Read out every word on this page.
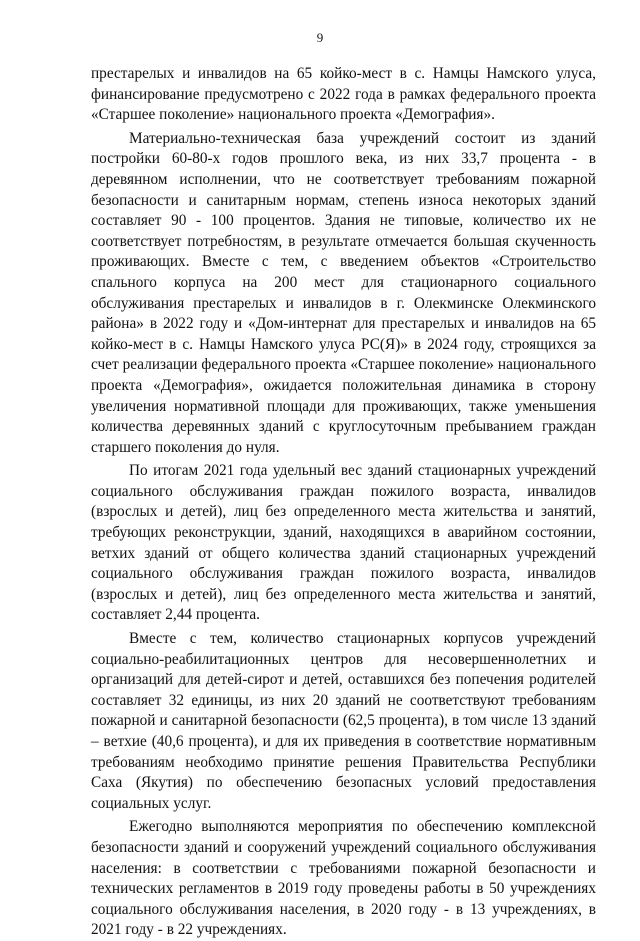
9

престарелых и инвалидов на 65 койко-мест в с. Намцы Намского улуса, финансирование предусмотрено с 2022 года в рамках федерального проекта «Старшее поколение» национального проекта «Демография».

Материально-техническая база учреждений состоит из зданий постройки 60-80-х годов прошлого века, из них 33,7 процента - в деревянном исполнении, что не соответствует требованиям пожарной безопасности и санитарным нормам, степень износа некоторых зданий составляет 90 - 100 процентов. Здания не типовые, количество их не соответствует потребностям, в результате отмечается большая скученность проживающих. Вместе с тем, с введением объектов «Строительство спального корпуса на 200 мест для стационарного социального обслуживания престарелых и инвалидов в г. Олекминске Олекминского района» в 2022 году и «Дом-интернат для престарелых и инвалидов на 65 койко-мест в с. Намцы Намского улуса РС(Я)» в 2024 году, строящихся за счет реализации федерального проекта «Старшее поколение» национального проекта «Демография», ожидается положительная динамика в сторону увеличения нормативной площади для проживающих, также уменьшения количества деревянных зданий с круглосуточным пребыванием граждан старшего поколения до нуля.

По итогам 2021 года удельный вес зданий стационарных учреждений социального обслуживания граждан пожилого возраста, инвалидов (взрослых и детей), лиц без определенного места жительства и занятий, требующих реконструкции, зданий, находящихся в аварийном состоянии, ветхих зданий от общего количества зданий стационарных учреждений социального обслуживания граждан пожилого возраста, инвалидов (взрослых и детей), лиц без определенного места жительства и занятий, составляет 2,44 процента.

Вместе с тем, количество стационарных корпусов учреждений социально-реабилитационных центров для несовершеннолетних и организаций для детей-сирот и детей, оставшихся без попечения родителей составляет 32 единицы, из них 20 зданий не соответствуют требованиям пожарной и санитарной безопасности (62,5 процента), в том числе 13 зданий – ветхие (40,6 процента), и для их приведения в соответствие нормативным требованиям необходимо принятие решения Правительства Республики Саха (Якутия) по обеспечению безопасных условий предоставления социальных услуг.

Ежегодно выполняются мероприятия по обеспечению комплексной безопасности зданий и сооружений учреждений социального обслуживания населения: в соответствии с требованиями пожарной безопасности и технических регламентов в 2019 году проведены работы в 50 учреждениях социального обслуживания населения, в 2020 году - в 13 учреждениях, в 2021 году - в 22 учреждениях.
